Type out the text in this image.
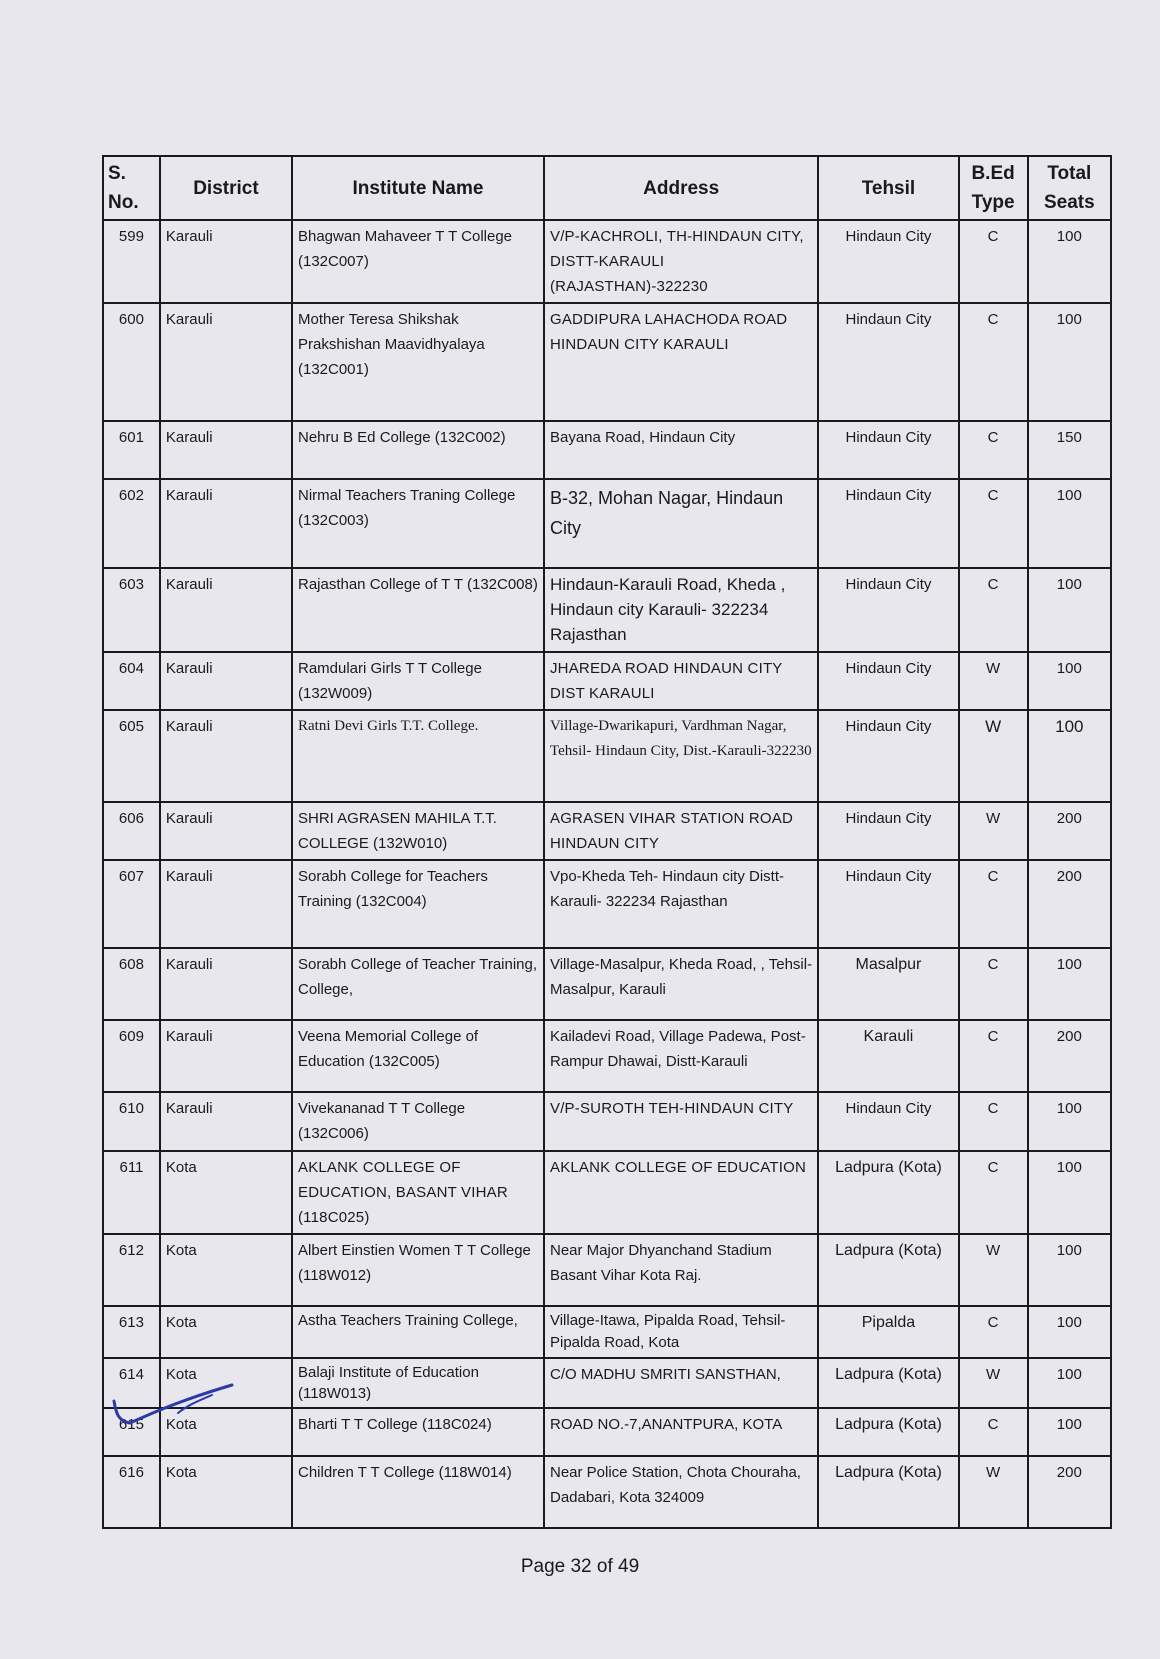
S. No.	District	Institute Name	Address	Tehsil	B.Ed Type	Total Seats
599	Karauli	Bhagwan Mahaveer T T College (132C007)	V/P-KACHROLI, TH-HINDAUN CITY, DISTT-KARAULI (RAJASTHAN)-322230	Hindaun City	C	100
600	Karauli	Mother Teresa Shikshak Prakshishan Maavidhyalaya (132C001)	GADDIPURA LAHACHODA ROAD HINDAUN CITY KARAULI	Hindaun City	C	100
601	Karauli	Nehru B Ed College (132C002)	Bayana Road, Hindaun City	Hindaun City	C	150
602	Karauli	Nirmal Teachers Traning College (132C003)	B-32, Mohan Nagar, Hindaun City	Hindaun City	C	100
603	Karauli	Rajasthan College of T T (132C008)	Hindaun-Karauli Road, Kheda , Hindaun city Karauli- 322234 Rajasthan	Hindaun City	C	100
604	Karauli	Ramdulari Girls T T College (132W009)	JHAREDA ROAD HINDAUN CITY DIST KARAULI	Hindaun City	W	100
605	Karauli	Ratni Devi Girls T.T. College.	Village-Dwarikapuri, Vardhman Nagar, Tehsil- Hindaun City, Dist.-Karauli-322230	Hindaun City	W	100
606	Karauli	SHRI AGRASEN MAHILA T.T. COLLEGE (132W010)	AGRASEN VIHAR STATION ROAD HINDAUN CITY	Hindaun City	W	200
607	Karauli	Sorabh College for Teachers Training (132C004)	Vpo-Kheda Teh- Hindaun city Distt-Karauli- 322234 Rajasthan	Hindaun City	C	200
608	Karauli	Sorabh College of Teacher Training, College,	Village-Masalpur, Kheda Road, , Tehsil-Masalpur, Karauli	Masalpur	C	100
609	Karauli	Veena Memorial College of Education (132C005)	Kailadevi Road, Village Padewa, Post- Rampur Dhawai, Distt-Karauli	Karauli	C	200
610	Karauli	Vivekananad T T College (132C006)	V/P-SUROTH TEH-HINDAUN CITY	Hindaun City	C	100
611	Kota	AKLANK COLLEGE OF EDUCATION, BASANT VIHAR (118C025)	AKLANK COLLEGE OF EDUCATION	Ladpura (Kota)	C	100
612	Kota	Albert Einstien Women T T College (118W012)	Near Major Dhyanchand Stadium Basant Vihar Kota Raj.	Ladpura (Kota)	W	100
613	Kota	Astha Teachers Training College,	Village-Itawa, Pipalda Road, Tehsil-Pipalda Road, Kota	Pipalda	C	100
614	Kota	Balaji Institute of Education (118W013)	C/O MADHU SMRITI SANSTHAN,	Ladpura (Kota)	W	100
615	Kota	Bharti T T College (118C024)	ROAD NO.-7,ANANTPURA, KOTA	Ladpura (Kota)	C	100
616	Kota	Children T T College (118W014)	Near Police Station, Chota Chouraha, Dadabari, Kota 324009	Ladpura (Kota)	W	200
Page 32 of 49
